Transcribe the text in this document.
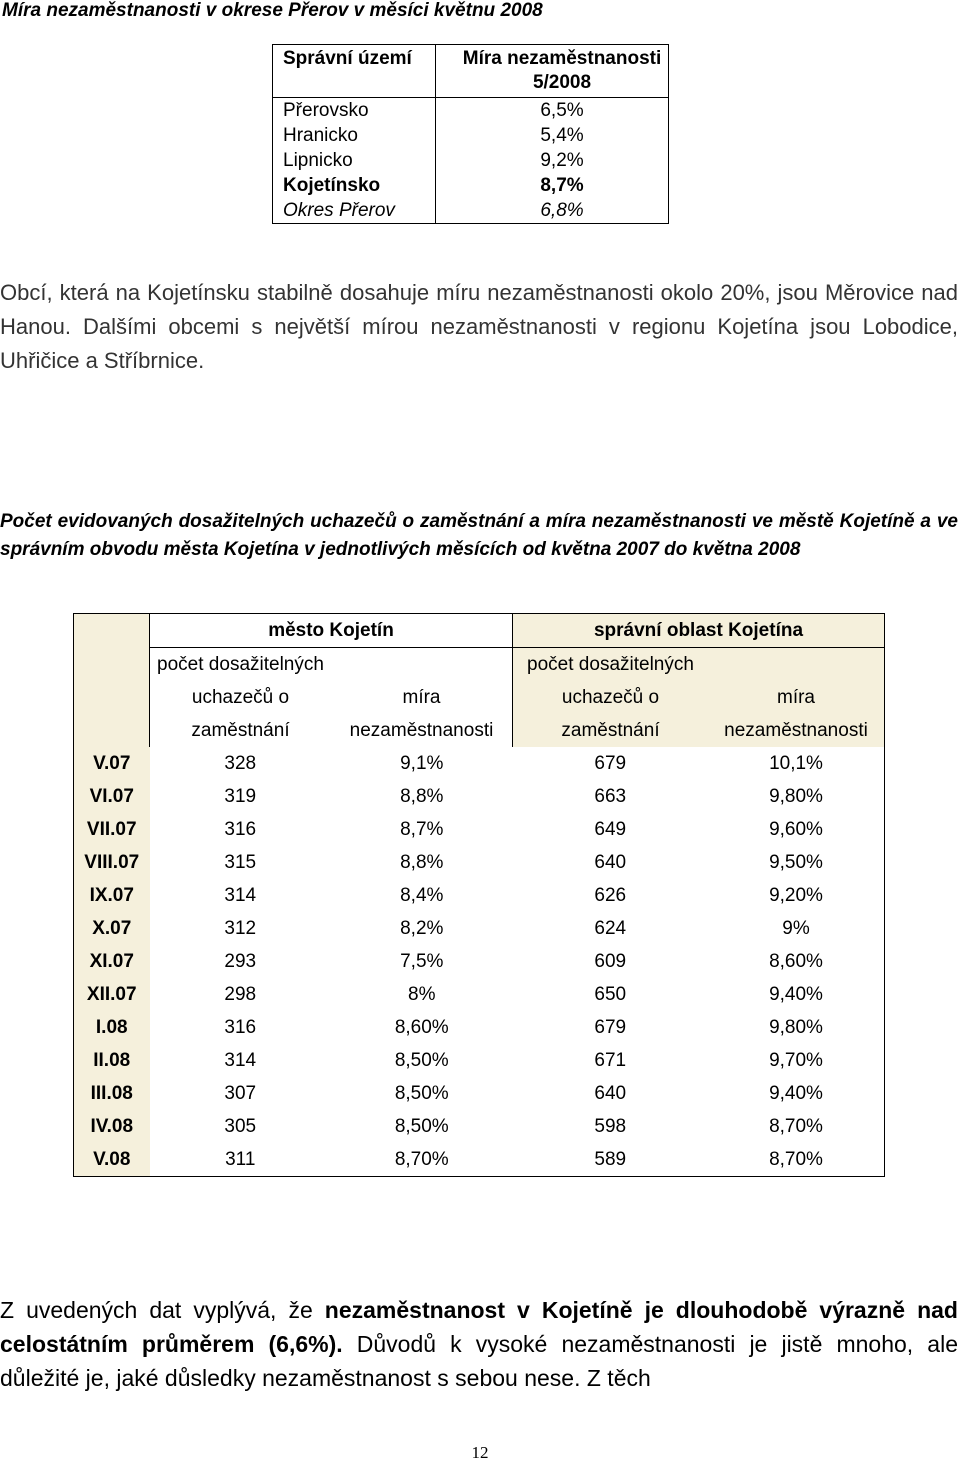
Míra nezaměstnanosti v okrese Přerov v měsíci květnu 2008
Správní území	Míra nezaměstnanosti 5/2008
Přerovsko	6,5%
Hranicko	5,4%
Lipnicko	9,2%
Kojetínsko	8,7%
Okres Přerov	6,8%

Obcí, která na Kojetínsku stabilně dosahuje míru nezaměstnanosti okolo 20%, jsou Měrovice nad Hanou. Dalšími obcemi s největší mírou nezaměstnanosti v regionu Kojetína jsou Lobodice, Uhřičice a Stříbrnice.

Počet evidovaných dosažitelných uchazečů o zaměstnání a míra nezaměstnanosti ve městě Kojetíně a ve správním obvodu města Kojetína v jednotlivých měsících od května 2007 do května 2008
	město Kojetín		správní oblast Kojetína	
	počet dosažitelných uchazečů o zaměstnání	míra nezaměstnanosti	počet dosažitelných uchazečů o zaměstnání	míra nezaměstnanosti
V.07	328	9,1%	679	10,1%
VI.07	319	8,8%	663	9,80%
VII.07	316	8,7%	649	9,60%
VIII.07	315	8,8%	640	9,50%
IX.07	314	8,4%	626	9,20%
X.07	312	8,2%	624	9%
XI.07	293	7,5%	609	8,60%
XII.07	298	8%	650	9,40%
I.08	316	8,60%	679	9,80%
II.08	314	8,50%	671	9,70%
III.08	307	8,50%	640	9,40%
IV.08	305	8,50%	598	8,70%
V.08	311	8,70%	589	8,70%

Z uvedených dat vyplývá, že nezaměstnanost v Kojetíně je dlouhodobě výrazně nad celostátním průměrem (6,6%). Důvodů k vysoké nezaměstnanosti je jistě mnoho, ale důležité je, jaké důsledky nezaměstnanost s sebou nese. Z těch

12
